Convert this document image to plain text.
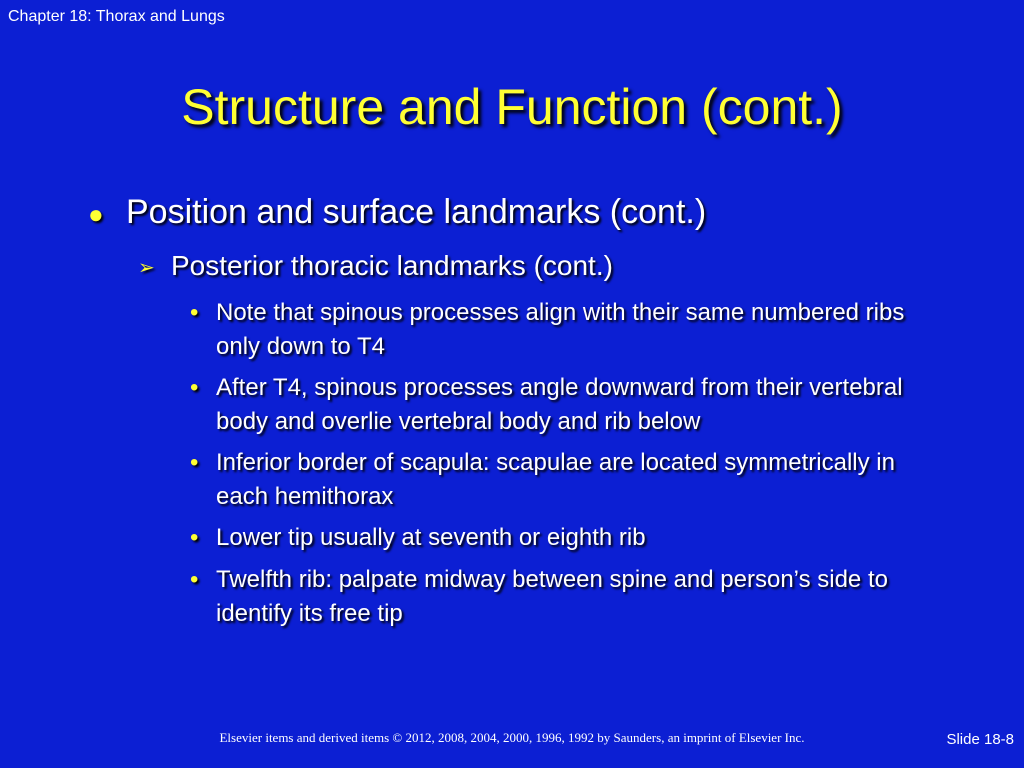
Chapter 18: Thorax and Lungs
Structure and Function (cont.)
● Position and surface landmarks (cont.)
➢ Posterior thoracic landmarks (cont.)
• Note that spinous processes align with their same numbered ribs only down to T4
• After T4, spinous processes angle downward from their vertebral body and overlie vertebral body and rib below
• Inferior border of scapula: scapulae are located symmetrically in each hemithorax
• Lower tip usually at seventh or eighth rib
• Twelfth rib: palpate midway between spine and person’s side to identify its free tip
Elsevier items and derived items © 2012, 2008, 2004, 2000, 1996, 1992 by Saunders, an imprint of Elsevier Inc.	Slide 18-8
